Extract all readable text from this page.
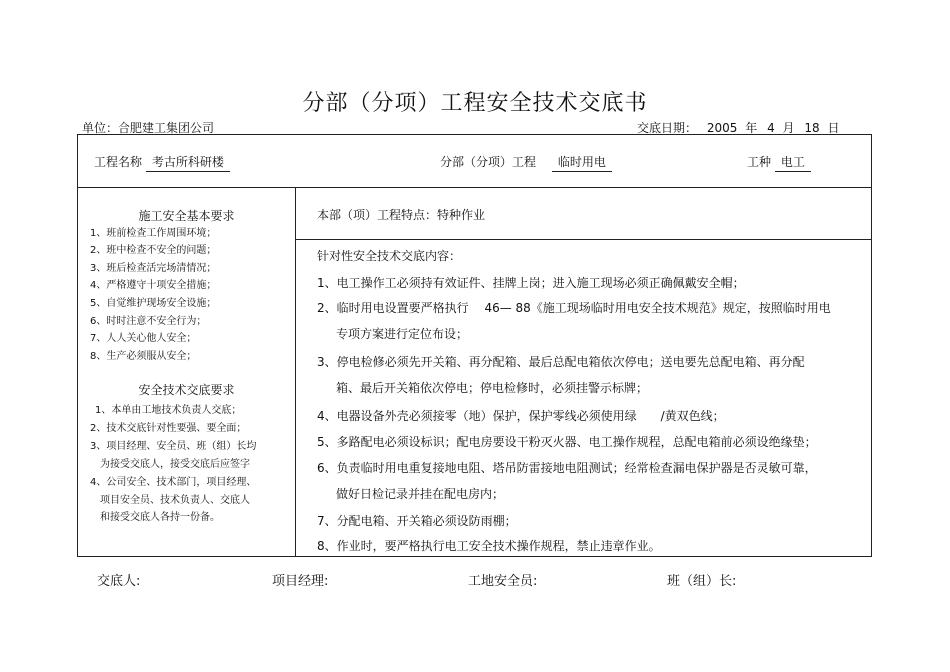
分部（分项）工程安全技术交底书
单位：合肥建工集团公司	交底日期： 2005 年 4 月 18 日
工程名称 考古所科研楼	分部（分项）工程 临时用电	工种 电工
施工安全基本要求
1、班前检查工作周围环境；
2、班中检查不安全的问题；
3、班后检查活完场清情况；
4、严格遵守十项安全措施；
5、自觉维护现场安全设施；
6、时时注意不安全行为；
7、人人关心他人安全；
8、生产必须服从安全；
安全技术交底要求
1、本单由工地技术负责人交底；
2、技术交底针对性要强、要全面；
3、项目经理、安全员、班（组）长均
为接受交底人，接受交底后应签字
4、公司安全、技术部门，项目经理、
项目安全员、技术负责人、交底人
和接受交底人各持一份备。
本部（项）工程特点：特种作业
针对性安全技术交底内容：
1、电工操作工必须持有效证件、挂牌上岗；进入施工现场必须正确佩戴安全帽；
2、临时用电设置要严格执行　 46— 88《施工现场临时用电安全技术规范》规定，按照临时用电
专项方案进行定位布设；
3、停电检修必须先开关箱、再分配箱、最后总配电箱依次停电；送电要先总配电箱、再分配
箱、最后开关箱依次停电；停电检修时，必须挂警示标牌；
4、电器设备外壳必须接零（地）保护，保护零线必须使用绿　　/黄双色线；
5、多路配电必须设标识；配电房要设干粉灭火器、电工操作规程，总配电箱前必须设绝缘垫；
6、负责临时用电重复接地电阻、塔吊防雷接地电阻测试；经常检查漏电保护器是否灵敏可靠，
做好日检记录并挂在配电房内；
7、分配电箱、开关箱必须设防雨棚；
8、作业时，要严格执行电工安全技术操作规程，禁止违章作业。
交底人:	项目经理:	工地安全员:	班（组）长:
